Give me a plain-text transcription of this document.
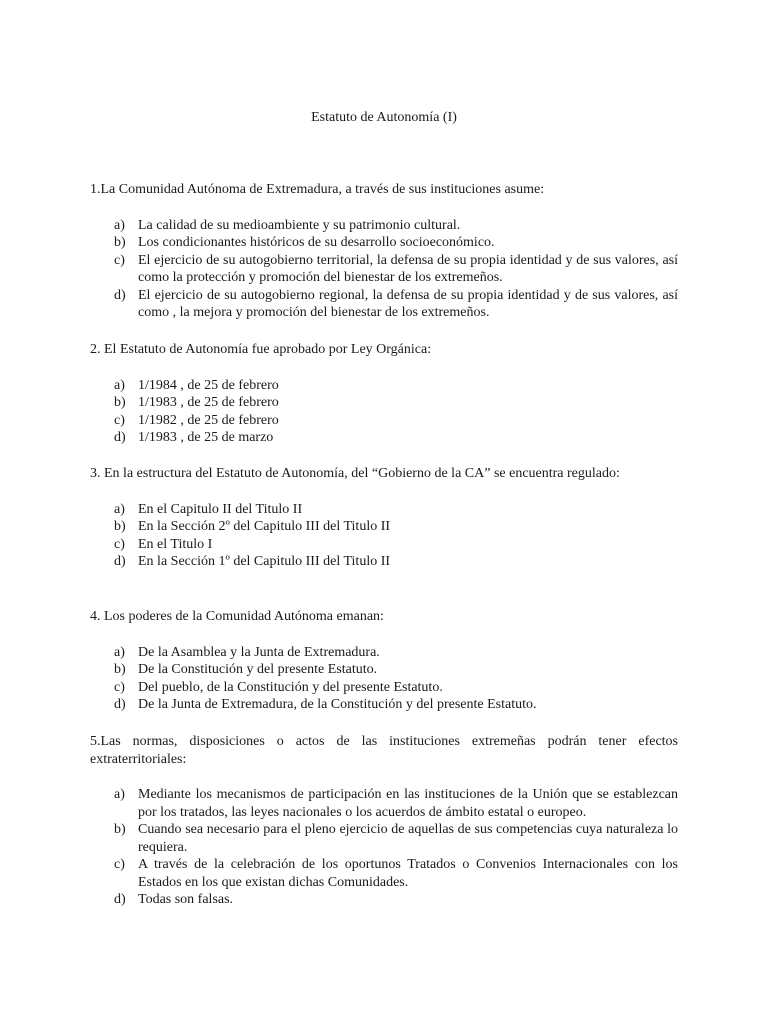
Estatuto de Autonomía (I)

1.La Comunidad Autónoma de Extremadura, a través de sus instituciones asume:

a) La calidad de su medioambiente y su patrimonio cultural.
b) Los condicionantes históricos de su desarrollo socioeconómico.
c) El ejercicio de su autogobierno territorial, la defensa de su propia identidad y de sus valores, así como la protección y promoción del bienestar de los extremeños.
d) El ejercicio de su autogobierno regional, la defensa de su propia identidad y de sus valores, así como , la mejora y promoción del bienestar de los extremeños.

2. El Estatuto de Autonomía fue aprobado por Ley Orgánica:

a) 1/1984 , de 25 de febrero
b) 1/1983 , de 25 de febrero
c) 1/1982 , de 25 de febrero
d) 1/1983 , de 25 de marzo

3. En la estructura del Estatuto de Autonomía, del “Gobierno de la CA” se encuentra regulado:

a) En el Capitulo II del Titulo II
b) En la Sección 2º del Capitulo III del Titulo II
c) En el Titulo I
d) En la Sección 1º del Capitulo III del Titulo II

4. Los poderes de la Comunidad Autónoma emanan:

a) De la Asamblea y la Junta de Extremadura.
b) De la Constitución y del presente Estatuto.
c) Del pueblo, de la Constitución y del presente Estatuto.
d) De la Junta de Extremadura, de la Constitución y del presente Estatuto.

5.Las normas, disposiciones o actos de las instituciones extremeñas podrán tener efectos extraterritoriales:

a) Mediante los mecanismos de participación en las instituciones de la Unión que se establezcan por los tratados, las leyes nacionales o los acuerdos de ámbito estatal o europeo.
b) Cuando sea necesario para el pleno ejercicio de aquellas de sus competencias cuya naturaleza lo requiera.
c) A través de la celebración de los oportunos Tratados o Convenios Internacionales con los Estados en los que existan dichas Comunidades.
d) Todas son falsas.
